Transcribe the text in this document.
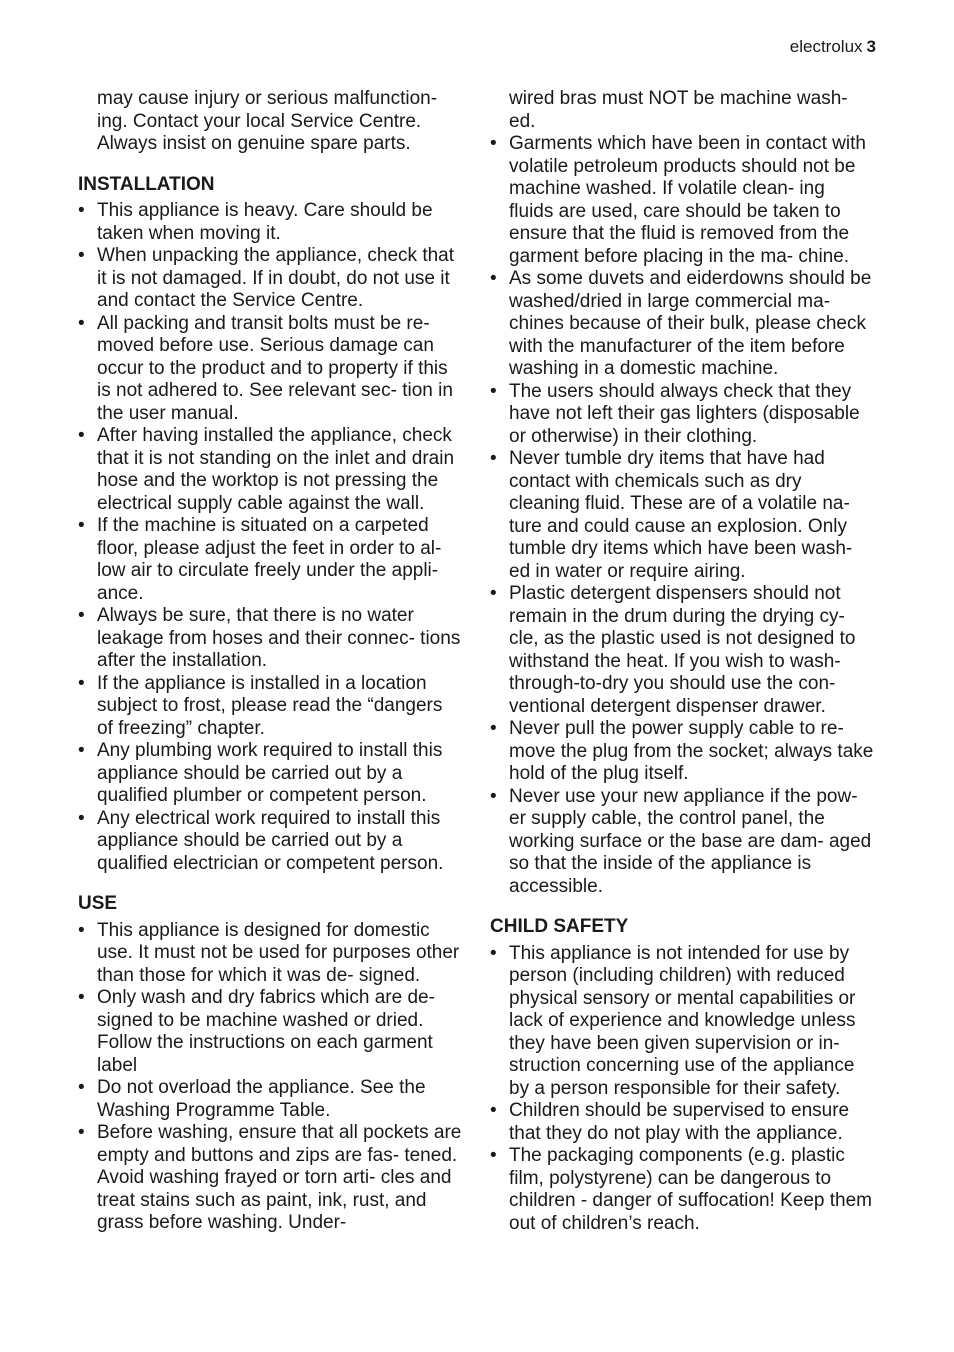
electrolux 3

may cause injury or serious malfunction-

ing. Contact your local Service Centre.

Always insist on genuine spare parts.

INSTALLATION
• This appliance is heavy. Care should be taken when moving it.
• When unpacking the appliance, check that it is not damaged. If in doubt, do not use it and contact the Service Centre.
• All packing and transit bolts must be re- moved before use. Serious damage can occur to the product and to property if this is not adhered to. See relevant sec- tion in the user manual.
• After having installed the appliance, check that it is not standing on the inlet and drain hose and the worktop is not pressing the electrical supply cable against the wall.
• If the machine is situated on a carpeted floor, please adjust the feet in order to al- low air to circulate freely under the appli- ance.
• Always be sure, that there is no water leakage from hoses and their connec- tions after the installation.
• If the appliance is installed in a location subject to frost, please read the “dangers of freezing” chapter.
• Any plumbing work required to install this appliance should be carried out by a qualified plumber or competent person.
• Any electrical work required to install this appliance should be carried out by a qualified electrician or competent person.
USE
• This appliance is designed for domestic use. It must not be used for purposes other than those for which it was de- signed.
• Only wash and dry fabrics which are de- signed to be machine washed or dried. Follow the instructions on each garment label
• Do not overload the appliance. See the Washing Programme Table.
• Before washing, ensure that all pockets are empty and buttons and zips are fas- tened. Avoid washing frayed or torn arti- cles and treat stains such as paint, ink, rust, and grass before washing. Under-

wired bras must NOT be machine wash-

ed.

• Garments which have been in contact with volatile petroleum products should not be machine washed. If volatile clean- ing fluids are used, care should be taken to ensure that the fluid is removed from the garment before placing in the ma- chine.
• As some duvets and eiderdowns should be washed/dried in large commercial ma- chines because of their bulk, please check with the manufacturer of the item before washing in a domestic machine.
• The users should always check that they have not left their gas lighters (disposable or otherwise) in their clothing.
• Never tumble dry items that have had contact with chemicals such as dry cleaning fluid. These are of a volatile na- ture and could cause an explosion. Only tumble dry items which have been wash- ed in water or require airing.
• Plastic detergent dispensers should not remain in the drum during the drying cy- cle, as the plastic used is not designed to withstand the heat. If you wish to wash- through-to-dry you should use the con- ventional detergent dispenser drawer.
• Never pull the power supply cable to re- move the plug from the socket; always take hold of the plug itself.
• Never use your new appliance if the pow- er supply cable, the control panel, the working surface or the base are dam- aged so that the inside of the appliance is accessible.
CHILD SAFETY
• This appliance is not intended for use by person (including children) with reduced physical sensory or mental capabilities or lack of experience and knowledge unless they have been given supervision or in- struction concerning use of the appliance by a person responsible for their safety.
• Children should be supervised to ensure that they do not play with the appliance.
• The packaging components (e.g. plastic film, polystyrene) can be dangerous to children - danger of suffocation! Keep them out of children’s reach.
